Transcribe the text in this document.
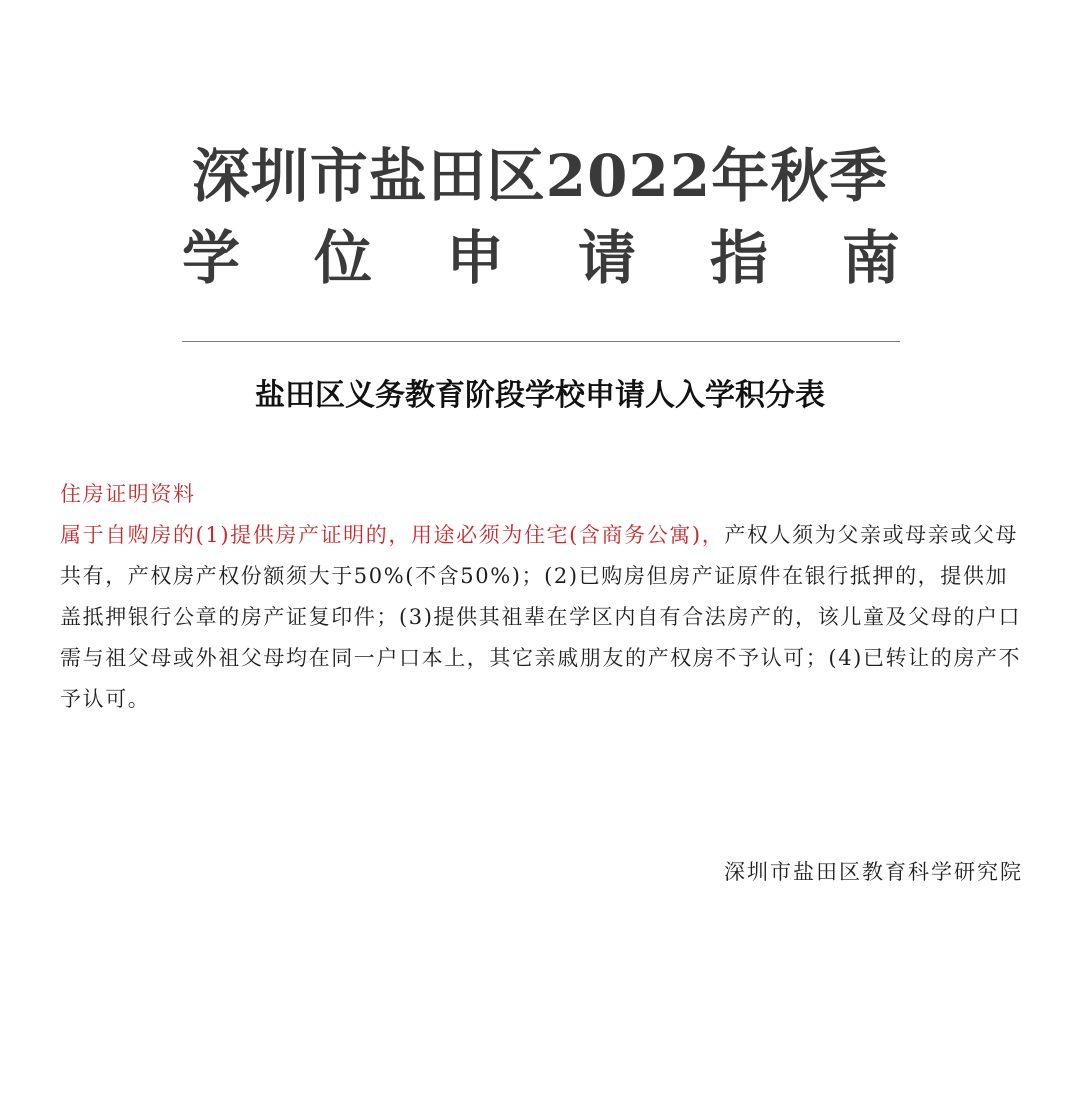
深圳市盐田区2022年秋季
学 位 申 请 指 南
盐田区义务教育阶段学校申请人入学积分表
住房证明资料

属于自购房的(1)提供房产证明的，用途必须为住宅(含商务公寓)，产权人须为父亲或母亲或父母共有，产权房产权份额须大于50%(不含50%)；(2)已购房但房产证原件在银行抵押的，提供加盖抵押银行公章的房产证复印件；(3)提供其祖辈在学区内自有合法房产的，该儿童及父母的户口需与祖父母或外祖父母均在同一户口本上，其它亲戚朋友的产权房不予认可；(4)已转让的房产不予认可。

深圳市盐田区教育科学研究院
